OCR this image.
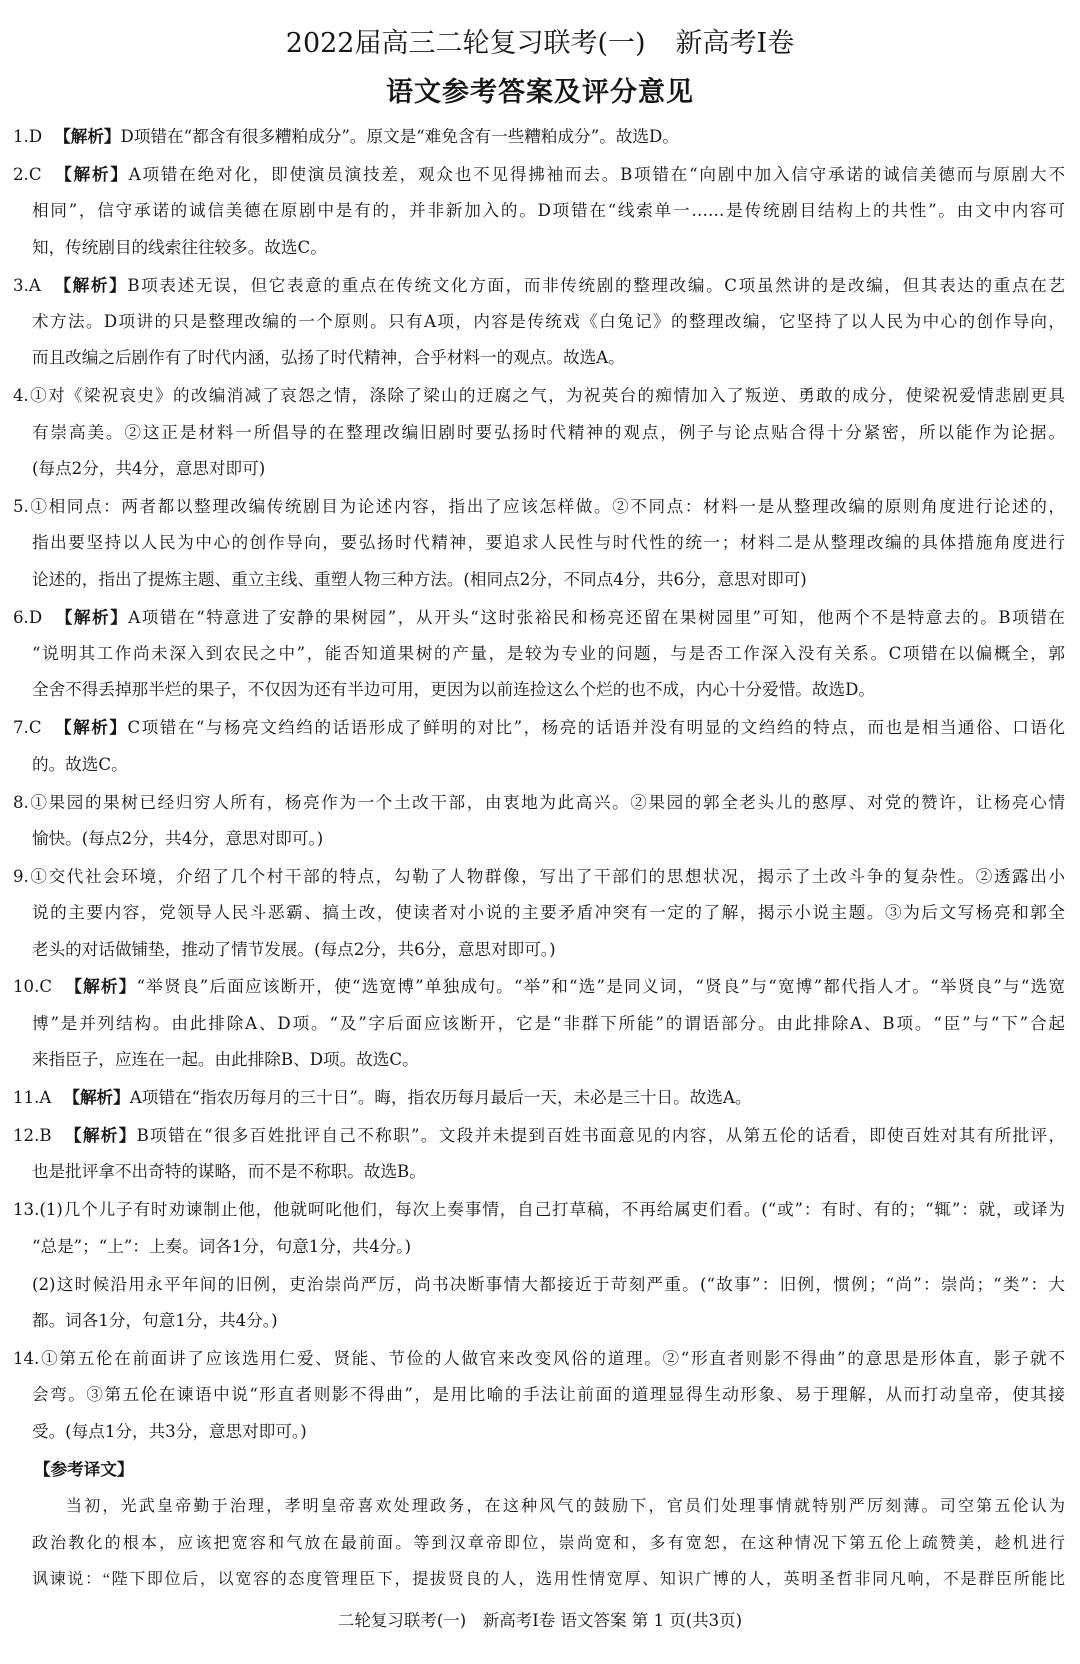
2022届高三二轮复习联考(一) 新高考Ⅰ卷
语文参考答案及评分意见
1.D 【解析】D项错在“都含有很多糟粕成分”。原文是“难免含有一些糟粕成分”。故选D。
2.C 【解析】A项错在绝对化，即使演员演技差，观众也不见得拂袖而去。B项错在“向剧中加入信守承诺的诚信美德而与原剧大不
相同”，信守承诺的诚信美德在原剧中是有的，并非新加入的。D项错在“线索单一……是传统剧目结构上的共性”。由文中内容可
知，传统剧目的线索往往较多。故选C。
3.A 【解析】B项表述无误，但它表意的重点在传统文化方面，而非传统剧的整理改编。C项虽然讲的是改编，但其表达的重点在艺
术方法。D项讲的只是整理改编的一个原则。只有A项，内容是传统戏《白兔记》的整理改编，它坚持了以人民为中心的创作导向，
而且改编之后剧作有了时代内涵，弘扬了时代精神，合乎材料一的观点。故选A。
4.①对《梁祝哀史》的改编消减了哀怨之情，涤除了梁山的迂腐之气，为祝英台的痴情加入了叛逆、勇敢的成分，使梁祝爱情悲剧更具
有崇高美。②这正是材料一所倡导的在整理改编旧剧时要弘扬时代精神的观点，例子与论点贴合得十分紧密，所以能作为论据。
(每点2分，共4分，意思对即可)
5.①相同点：两者都以整理改编传统剧目为论述内容，指出了应该怎样做。②不同点：材料一是从整理改编的原则角度进行论述的，
指出要坚持以人民为中心的创作导向，要弘扬时代精神，要追求人民性与时代性的统一；材料二是从整理改编的具体措施角度进行
论述的，指出了提炼主题、重立主线、重塑人物三种方法。(相同点2分，不同点4分，共6分，意思对即可)
6.D 【解析】A项错在“特意进了安静的果树园”，从开头“这时张裕民和杨亮还留在果树园里”可知，他两个不是特意去的。B项错在
“说明其工作尚未深入到农民之中”，能否知道果树的产量，是较为专业的问题，与是否工作深入没有关系。C项错在以偏概全，郭
全舍不得丢掉那半烂的果子，不仅因为还有半边可用，更因为以前连捡这么个烂的也不成，内心十分爱惜。故选D。
7.C 【解析】C项错在“与杨亮文绉绉的话语形成了鲜明的对比”，杨亮的话语并没有明显的文绉绉的特点，而也是相当通俗、口语化
的。故选C。
8.①果园的果树已经归穷人所有，杨亮作为一个土改干部，由衷地为此高兴。②果园的郭全老头儿的憨厚、对党的赞许，让杨亮心情
愉快。(每点2分，共4分，意思对即可。)
9.①交代社会环境，介绍了几个村干部的特点，勾勒了人物群像，写出了干部们的思想状况，揭示了土改斗争的复杂性。②透露出小
说的主要内容，党领导人民斗恶霸、搞土改，使读者对小说的主要矛盾冲突有一定的了解，揭示小说主题。③为后文写杨亮和郭全
老头的对话做铺垫，推动了情节发展。(每点2分，共6分，意思对即可。)
10.C 【解析】“举贤良”后面应该断开，使“选宽博”单独成句。“举”和“选”是同义词，“贤良”与“宽博”都代指人才。“举贤良”与“选宽
博”是并列结构。由此排除A、D项。“及”字后面应该断开，它是“非群下所能”的谓语部分。由此排除A、B项。“臣”与“下”合起
来指臣子，应连在一起。由此排除B、D项。故选C。
11.A 【解析】A项错在“指农历每月的三十日”。晦，指农历每月最后一天，未必是三十日。故选A。
12.B 【解析】B项错在“很多百姓批评自己不称职”。文段并未提到百姓书面意见的内容，从第五伦的话看，即使百姓对其有所批评，
也是批评拿不出奇特的谋略，而不是不称职。故选B。
13.(1)几个儿子有时劝谏制止他，他就呵叱他们，每次上奏事情，自己打草稿，不再给属吏们看。(“或”：有时、有的；“辄”：就，或译为
“总是”；“上”：上奏。词各1分，句意1分，共4分。)
(2)这时候沿用永平年间的旧例，吏治崇尚严厉，尚书决断事情大都接近于苛刻严重。(“故事”：旧例，惯例；“尚”：崇尚；“类”：大
都。词各1分，句意1分，共4分。)
14.①第五伦在前面讲了应该选用仁爱、贤能、节俭的人做官来改变风俗的道理。②“形直者则影不得曲”的意思是形体直，影子就不
会弯。③第五伦在谏语中说“形直者则影不得曲”，是用比喻的手法让前面的道理显得生动形象、易于理解，从而打动皇帝，使其接
受。(每点1分，共3分，意思对即可。)
【参考译文】
当初，光武皇帝勤于治理，孝明皇帝喜欢处理政务，在这种风气的鼓励下，官员们处理事情就特别严厉刻薄。司空第五伦认为
政治教化的根本，应该把宽容和气放在最前面。等到汉章帝即位，崇尚宽和，多有宽恕，在这种情况下第五伦上疏赞美，趁机进行
讽谏说：“陛下即位后，以宽容的态度管理臣下，提拔贤良的人，选用性情宽厚、知识广博的人，英明圣哲非同凡响，不是群臣所能比
二轮复习联考(一)　新高考Ⅰ卷 语文答案 第 1 页(共3页)
